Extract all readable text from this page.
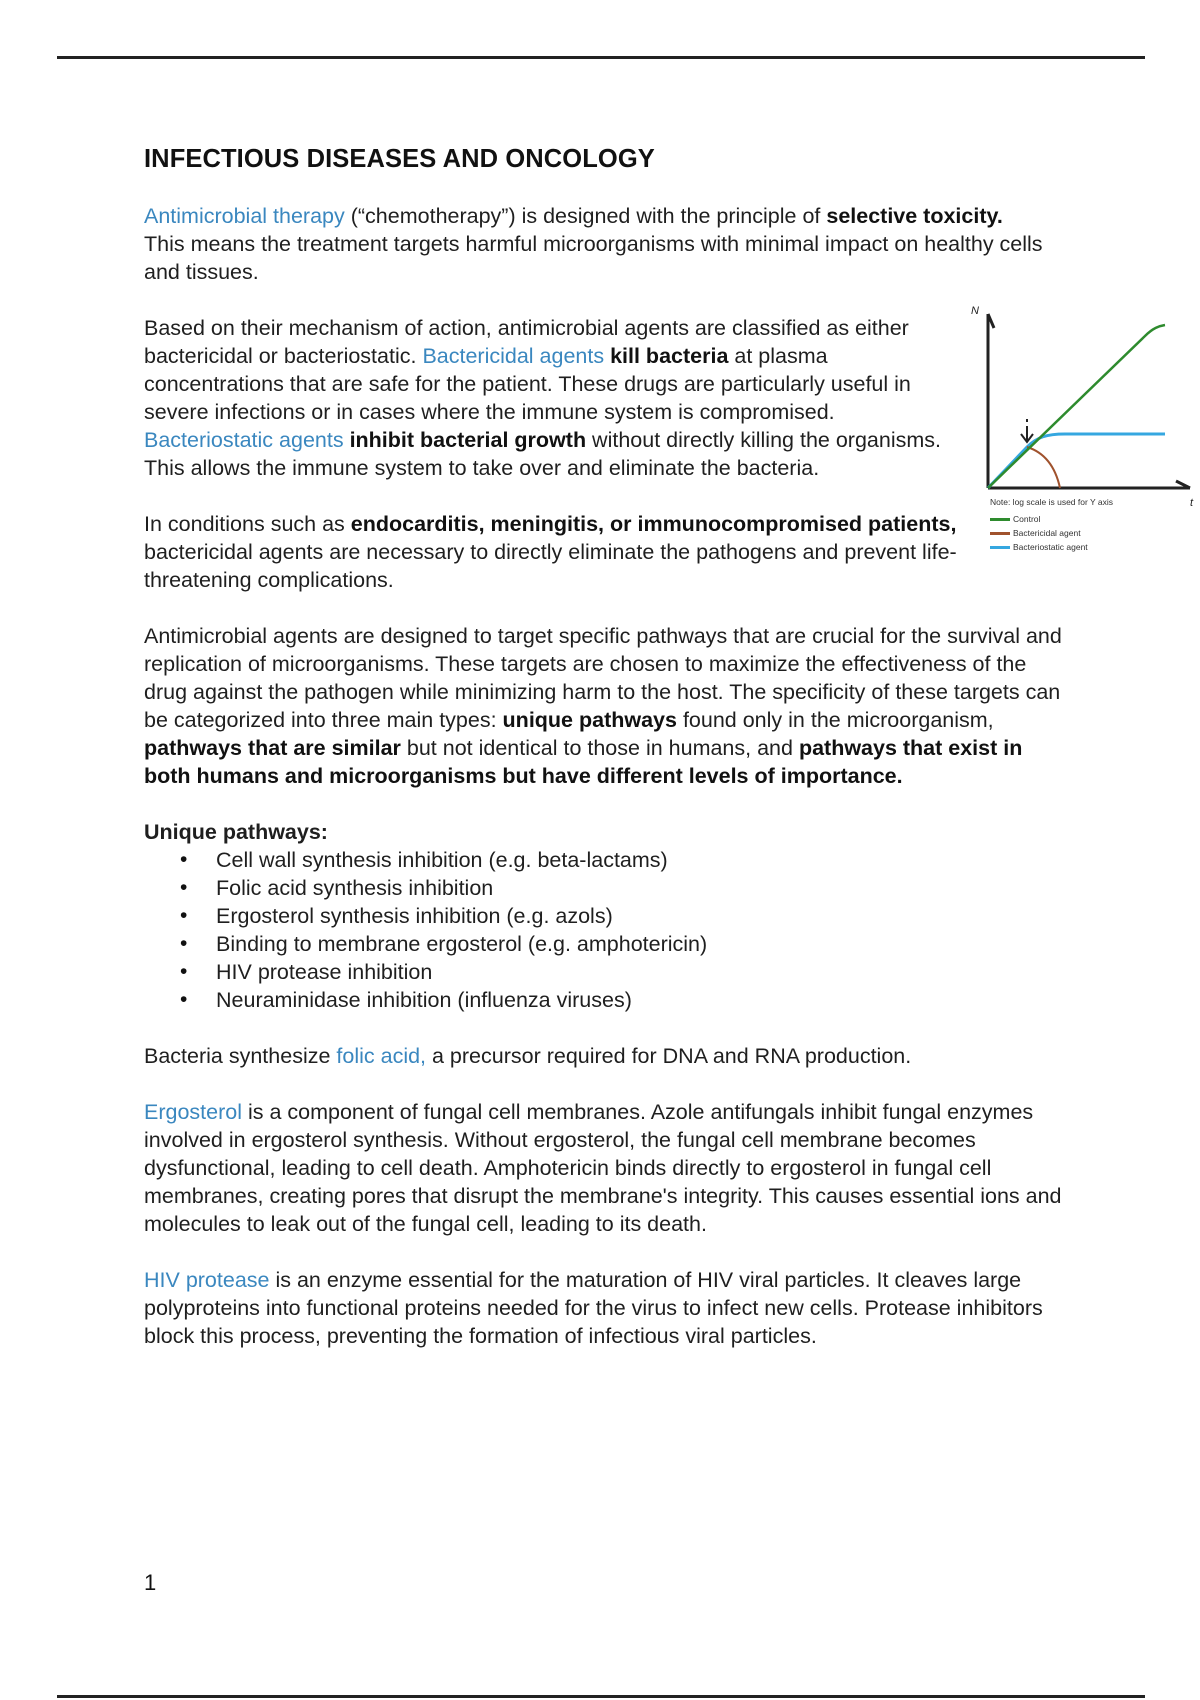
INFECTIOUS DISEASES AND ONCOLOGY

Antimicrobial therapy (“chemotherapy”) is designed with the principle of selective toxicity. This means the treatment targets harmful microorganisms with minimal impact on healthy cells and tissues.

Based on their mechanism of action, antimicrobial agents are classified as either bactericidal or bacteriostatic. Bactericidal agents kill bacteria at plasma concentrations that are safe for the patient. These drugs are particularly useful in severe infections or in cases where the immune system is compromised. Bacteriostatic agents inhibit bacterial growth without directly killing the organisms. This allows the immune system to take over and eliminate the bacteria.

In conditions such as endocarditis, meningitis, or immunocompromised patients, bactericidal agents are necessary to directly eliminate the pathogens and prevent life-threatening complications.

Antimicrobial agents are designed to target specific pathways that are crucial for the survival and replication of microorganisms. These targets are chosen to maximize the effectiveness of the drug against the pathogen while minimizing harm to the host. The specificity of these targets can be categorized into three main types: unique pathways found only in the microorganism, pathways that are similar but not identical to those in humans, and pathways that exist in both humans and microorganisms but have different levels of importance.

Unique pathways:
• Cell wall synthesis inhibition (e.g. beta-lactams)
• Folic acid synthesis inhibition
• Ergosterol synthesis inhibition (e.g. azols)
• Binding to membrane ergosterol (e.g. amphotericin)
• HIV protease inhibition
• Neuraminidase inhibition (influenza viruses)

Bacteria synthesize folic acid, a precursor required for DNA and RNA production.

Ergosterol is a component of fungal cell membranes. Azole antifungals inhibit fungal enzymes involved in ergosterol synthesis. Without ergosterol, the fungal cell membrane becomes dysfunctional, leading to cell death. Amphotericin binds directly to ergosterol in fungal cell membranes, creating pores that disrupt the membrane's integrity. This causes essential ions and molecules to leak out of the fungal cell, leading to its death.

HIV protease is an enzyme essential for the maturation of HIV viral particles. It cleaves large polyproteins into functional proteins needed for the virus to infect new cells. Protease inhibitors block this process, preventing the formation of infectious viral particles.

N
t
Note: log scale is used for Y axis
Control
Bactericidal agent
Bacteriostatic agent
1
